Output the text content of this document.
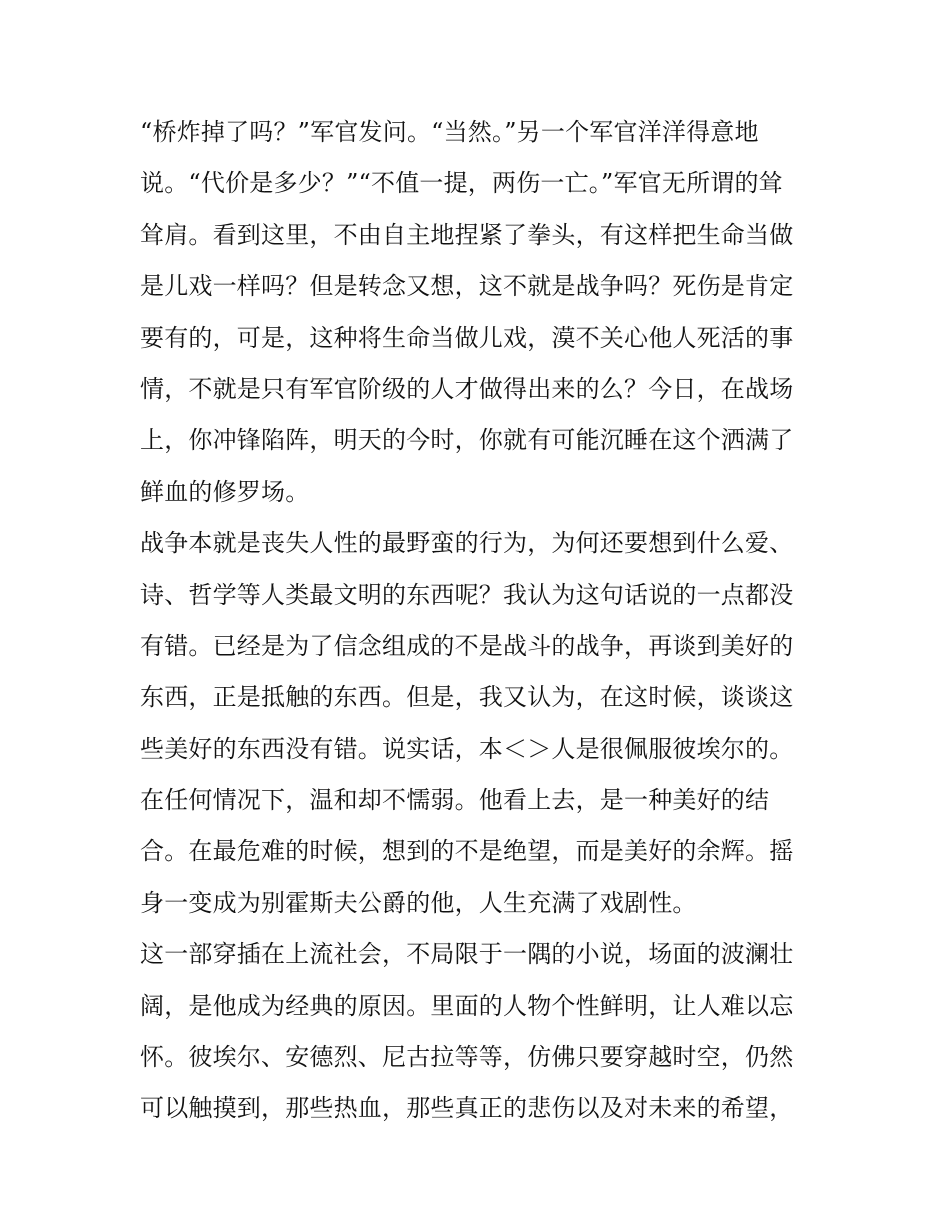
“桥炸掉了吗？”军官发问。“当然。”另一个军官洋洋得意地
说。“代价是多少？”“不值一提，两伤一亡。”军官无所谓的耸
耸肩。看到这里，不由自主地捏紧了拳头，有这样把生命当做
是儿戏一样吗？但是转念又想，这不就是战争吗？死伤是肯定
要有的，可是，这种将生命当做儿戏，漠不关心他人死活的事
情，不就是只有军官阶级的人才做得出来的么？今日，在战场
上，你冲锋陷阵，明天的今时，你就有可能沉睡在这个洒满了
鲜血的修罗场。
战争本就是丧失人性的最野蛮的行为，为何还要想到什么爱、
诗、哲学等人类最文明的东西呢？我认为这句话说的一点都没
有错。已经是为了信念组成的不是战斗的战争，再谈到美好的
东西，正是抵触的东西。但是，我又认为，在这时候，谈谈这
些美好的东西没有错。说实话，本＜＞人是很佩服彼埃尔的。
在任何情况下，温和却不懦弱。他看上去，是一种美好的结
合。在最危难的时候，想到的不是绝望，而是美好的余辉。摇
身一变成为别霍斯夫公爵的他，人生充满了戏剧性。
这一部穿插在上流社会，不局限于一隅的小说，场面的波澜壮
阔，是他成为经典的原因。里面的人物个性鲜明，让人难以忘
怀。彼埃尔、安德烈、尼古拉等等，仿佛只要穿越时空，仍然
可以触摸到，那些热血，那些真正的悲伤以及对未来的希望，
